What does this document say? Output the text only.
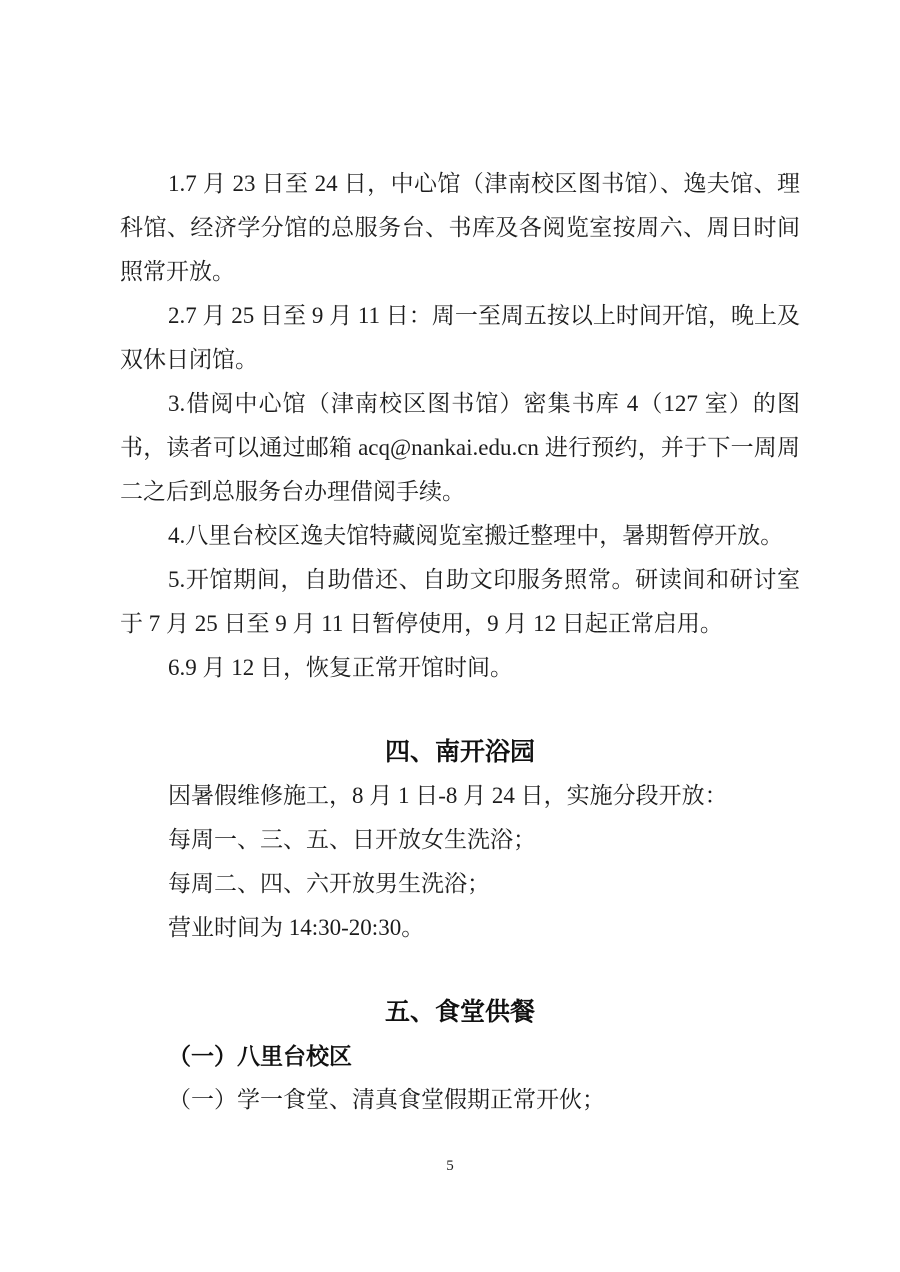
1.7 月 23 日至 24 日，中心馆（津南校区图书馆）、逸夫馆、理科馆、经济学分馆的总服务台、书库及各阅览室按周六、周日时间照常开放。

2.7 月 25 日至 9 月 11 日：周一至周五按以上时间开馆，晚上及双休日闭馆。

3.借阅中心馆（津南校区图书馆）密集书库 4（127 室）的图书，读者可以通过邮箱 acq@nankai.edu.cn 进行预约，并于下一周周二之后到总服务台办理借阅手续。

4.八里台校区逸夫馆特藏阅览室搬迁整理中，暑期暂停开放。

5.开馆期间，自助借还、自助文印服务照常。研读间和研讨室于 7 月 25 日至 9 月 11 日暂停使用，9 月 12 日起正常启用。

6.9 月 12 日，恢复正常开馆时间。

四、南开浴园

因暑假维修施工，8 月 1 日-8 月 24 日，实施分段开放：

每周一、三、五、日开放女生洗浴；

每周二、四、六开放男生洗浴；

营业时间为 14:30-20:30。

五、食堂供餐

（一）八里台校区

（一）学一食堂、清真食堂假期正常开伙；

5
